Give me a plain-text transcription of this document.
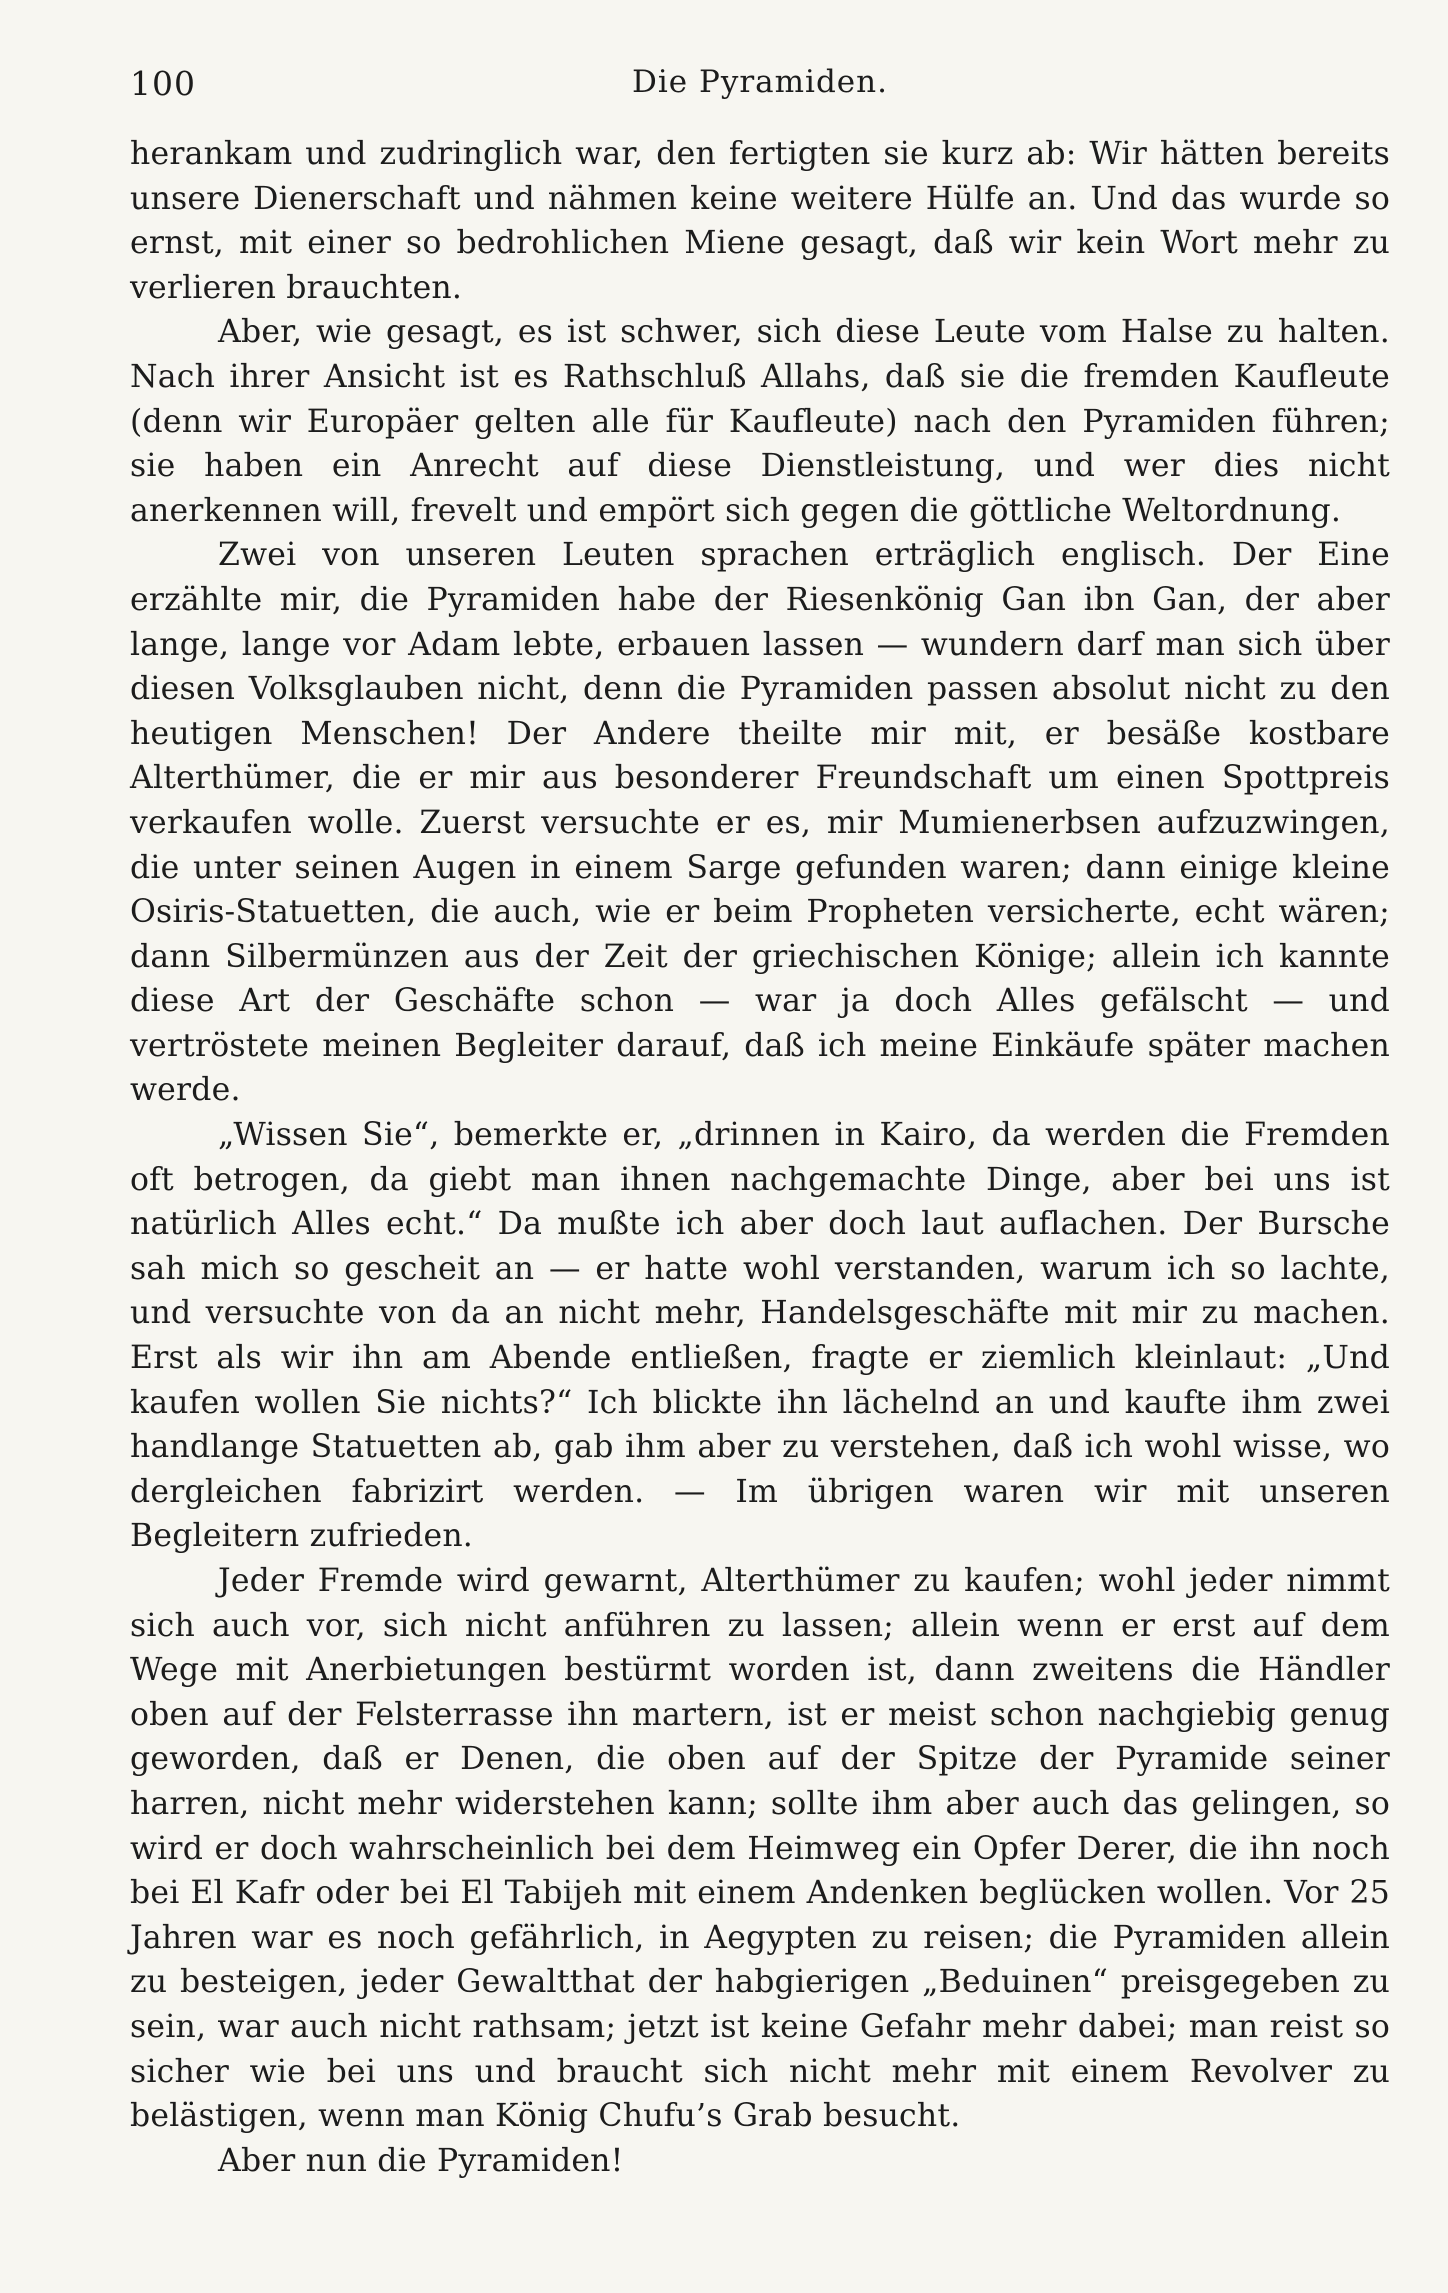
100	Die Pyramiden.

herankam und zudringlich war, den fertigten sie kurz ab: Wir hätten bereits unsere Dienerschaft und nähmen keine weitere Hülfe an. Und das wurde so ernst, mit einer so bedrohlichen Miene gesagt, daß wir kein Wort mehr zu verlieren brauchten.

Aber, wie gesagt, es ist schwer, sich diese Leute vom Halse zu halten. Nach ihrer Ansicht ist es Rathschluß Allahs, daß sie die fremden Kaufleute (denn wir Europäer gelten alle für Kaufleute) nach den Pyramiden führen; sie haben ein Anrecht auf diese Dienstleistung, und wer dies nicht anerkennen will, frevelt und empört sich gegen die göttliche Weltordnung.

Zwei von unseren Leuten sprachen erträglich englisch. Der Eine erzählte mir, die Pyramiden habe der Riesenkönig Gan ibn Gan, der aber lange, lange vor Adam lebte, erbauen lassen — wundern darf man sich über diesen Volksglauben nicht, denn die Pyramiden passen absolut nicht zu den heutigen Menschen! Der Andere theilte mir mit, er besäße kostbare Alterthümer, die er mir aus besonderer Freundschaft um einen Spottpreis verkaufen wolle. Zuerst versuchte er es, mir Mumienerbsen aufzuzwingen, die unter seinen Augen in einem Sarge gefunden waren; dann einige kleine Osiris-Statuetten, die auch, wie er beim Propheten versicherte, echt wären; dann Silbermünzen aus der Zeit der griechischen Könige; allein ich kannte diese Art der Geschäfte schon — war ja doch Alles gefälscht — und vertröstete meinen Begleiter darauf, daß ich meine Einkäufe später machen werde.

„Wissen Sie“, bemerkte er, „drinnen in Kairo, da werden die Fremden oft betrogen, da giebt man ihnen nachgemachte Dinge, aber bei uns ist natürlich Alles echt.“ Da mußte ich aber doch laut auflachen. Der Bursche sah mich so gescheit an — er hatte wohl verstanden, warum ich so lachte, und versuchte von da an nicht mehr, Handelsgeschäfte mit mir zu machen. Erst als wir ihn am Abende entließen, fragte er ziemlich kleinlaut: „Und kaufen wollen Sie nichts?“ Ich blickte ihn lächelnd an und kaufte ihm zwei handlange Statuetten ab, gab ihm aber zu verstehen, daß ich wohl wisse, wo dergleichen fabrizirt werden. — Im übrigen waren wir mit unseren Begleitern zufrieden.

Jeder Fremde wird gewarnt, Alterthümer zu kaufen; wohl jeder nimmt sich auch vor, sich nicht anführen zu lassen; allein wenn er erst auf dem Wege mit Anerbietungen bestürmt worden ist, dann zweitens die Händler oben auf der Felsterrasse ihn martern, ist er meist schon nachgiebig genug geworden, daß er Denen, die oben auf der Spitze der Pyramide seiner harren, nicht mehr widerstehen kann; sollte ihm aber auch das gelingen, so wird er doch wahrscheinlich bei dem Heimweg ein Opfer Derer, die ihn noch bei El Kafr oder bei El Tabijeh mit einem Andenken beglücken wollen. Vor 25 Jahren war es noch gefährlich, in Aegypten zu reisen; die Pyramiden allein zu besteigen, jeder Gewaltthat der habgierigen „Beduinen“ preisgegeben zu sein, war auch nicht rathsam; jetzt ist keine Gefahr mehr dabei; man reist so sicher wie bei uns und braucht sich nicht mehr mit einem Revolver zu belästigen, wenn man König Chufu’s Grab besucht.

Aber nun die Pyramiden!
